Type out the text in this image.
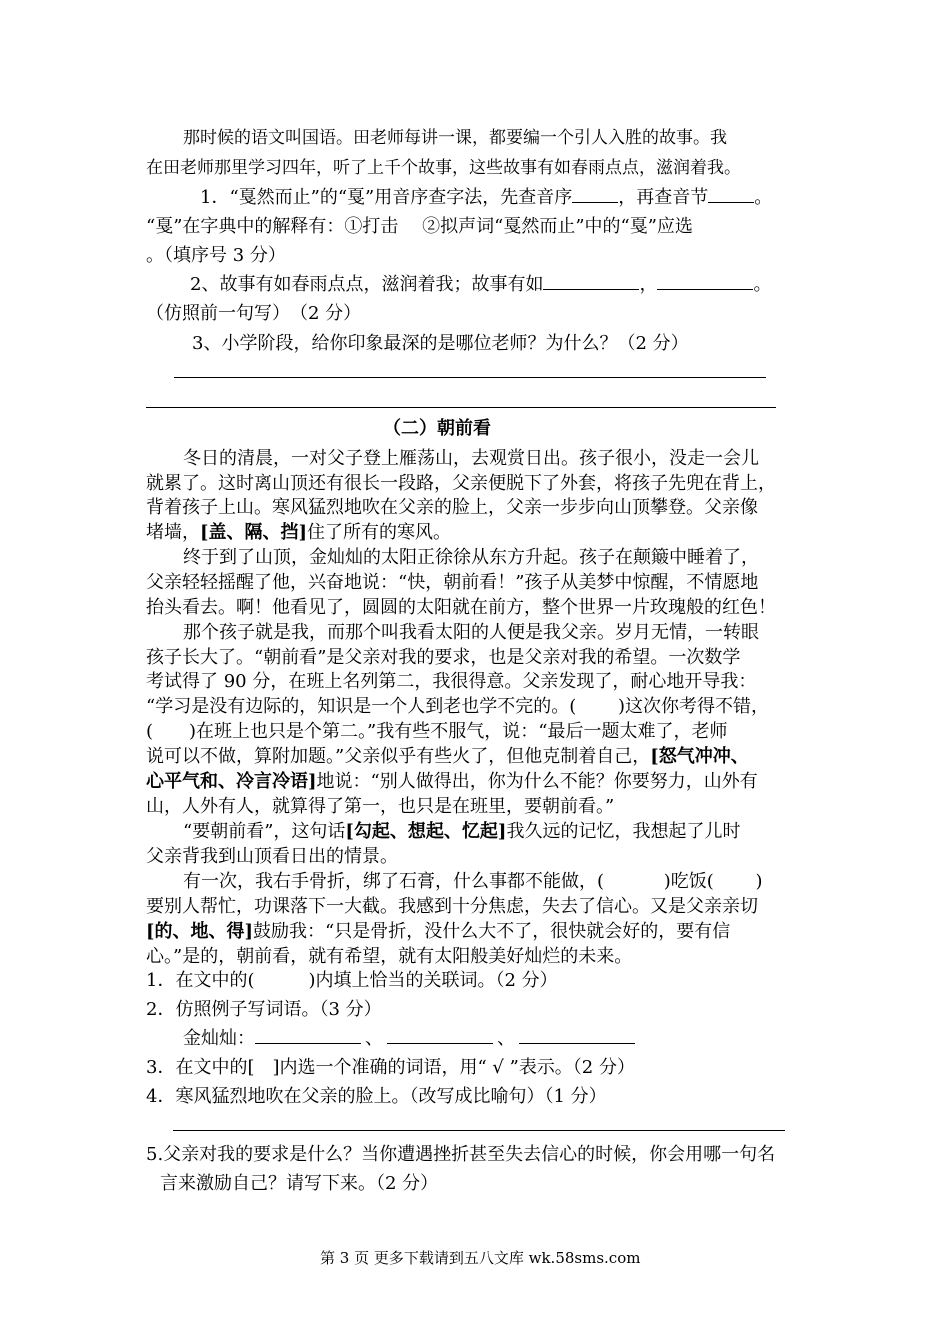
那时候的语文叫国语。田老师每讲一课，都要编一个引人入胜的故事。我
在田老师那里学习四年，听了上千个故事，这些故事有如春雨点点，滋润着我。
1．“戛然而止”的“戛”用音序查字法，先查音序	，再查音节	。
“戛”在字典中的解释有：①打击　 ②拟声词“戛然而止”中的“戛”应选
。（填序号 3 分）
2、故事有如春雨点点，滋润着我；故事有如	，	。
（仿照前一句写）　（2 分）
3、小学阶段，给你印象最深的是哪位老师？为什么？（2 分）
（二）朝前看
冬日的清晨，一对父子登上雁荡山，去观赏日出。孩子很小，没走一会儿
就累了。这时离山顶还有很长一段路，父亲便脱下了外套，将孩子先兜在背上，
背着孩子上山。寒风猛烈地吹在父亲的脸上，父亲一步步向山顶攀登。父亲像
堵墙，[盖、隔、挡]住了所有的寒风。
终于到了山顶，金灿灿的太阳正徐徐从东方升起。孩子在颠簸中睡着了，
父亲轻轻摇醒了他，兴奋地说：“快，朝前看！”孩子从美梦中惊醒，不情愿地
抬头看去。啊！他看见了，圆圆的太阳就在前方，整个世界一片玫瑰般的红色！
那个孩子就是我，而那个叫我看太阳的人便是我父亲。岁月无情，一转眼
孩子长大了。“朝前看”是父亲对我的要求，也是父亲对我的希望。一次数学
考试得了 90 分，在班上名列第二，我很得意。父亲发现了，耐心地开导我：
“学习是没有边际的，知识是一个人到老也学不完的。(　　 )这次你考得不错，
(　　)在班上也只是个第二。”我有些不服气，说：“最后一题太难了，老师
说可以不做，算附加题。”父亲似乎有些火了，但他克制着自己，[怒气冲冲、
心平气和、冷言冷语]地说：“别人做得出，你为什么不能？你要努力，山外有
山，人外有人，就算得了第一，也只是在班里，要朝前看。”
“要朝前看”，这句话[勾起、想起、忆起]我久远的记忆，我想起了儿时
父亲背我到山顶看日出的情景。
有一次，我右手骨折，绑了石膏，什么事都不能做，(　　　 )吃饭(　　 )
要别人帮忙，功课落下一大截。我感到十分焦虑，失去了信心。又是父亲亲切
[的、地、得]鼓励我：“只是骨折，没什么大不了，很快就会好的，要有信
心。”是的，朝前看，就有希望，就有太阳般美好灿烂的未来。
1．在文中的(　　　)内填上恰当的关联词。（2 分）
2．仿照例子写词语。（3 分）
金灿灿：	、	、
3．在文中的[　]内选一个准确的词语，用“ √ ”表示。（2 分）
4．寒风猛烈地吹在父亲的脸上。（改写成比喻句）（1 分）
5.父亲对我的要求是什么？当你遭遇挫折甚至失去信心的时候，你会用哪一句名
言来激励自己？请写下来。（2 分）
第 3 页 更多下载请到五八文库 wk.58sms.com
